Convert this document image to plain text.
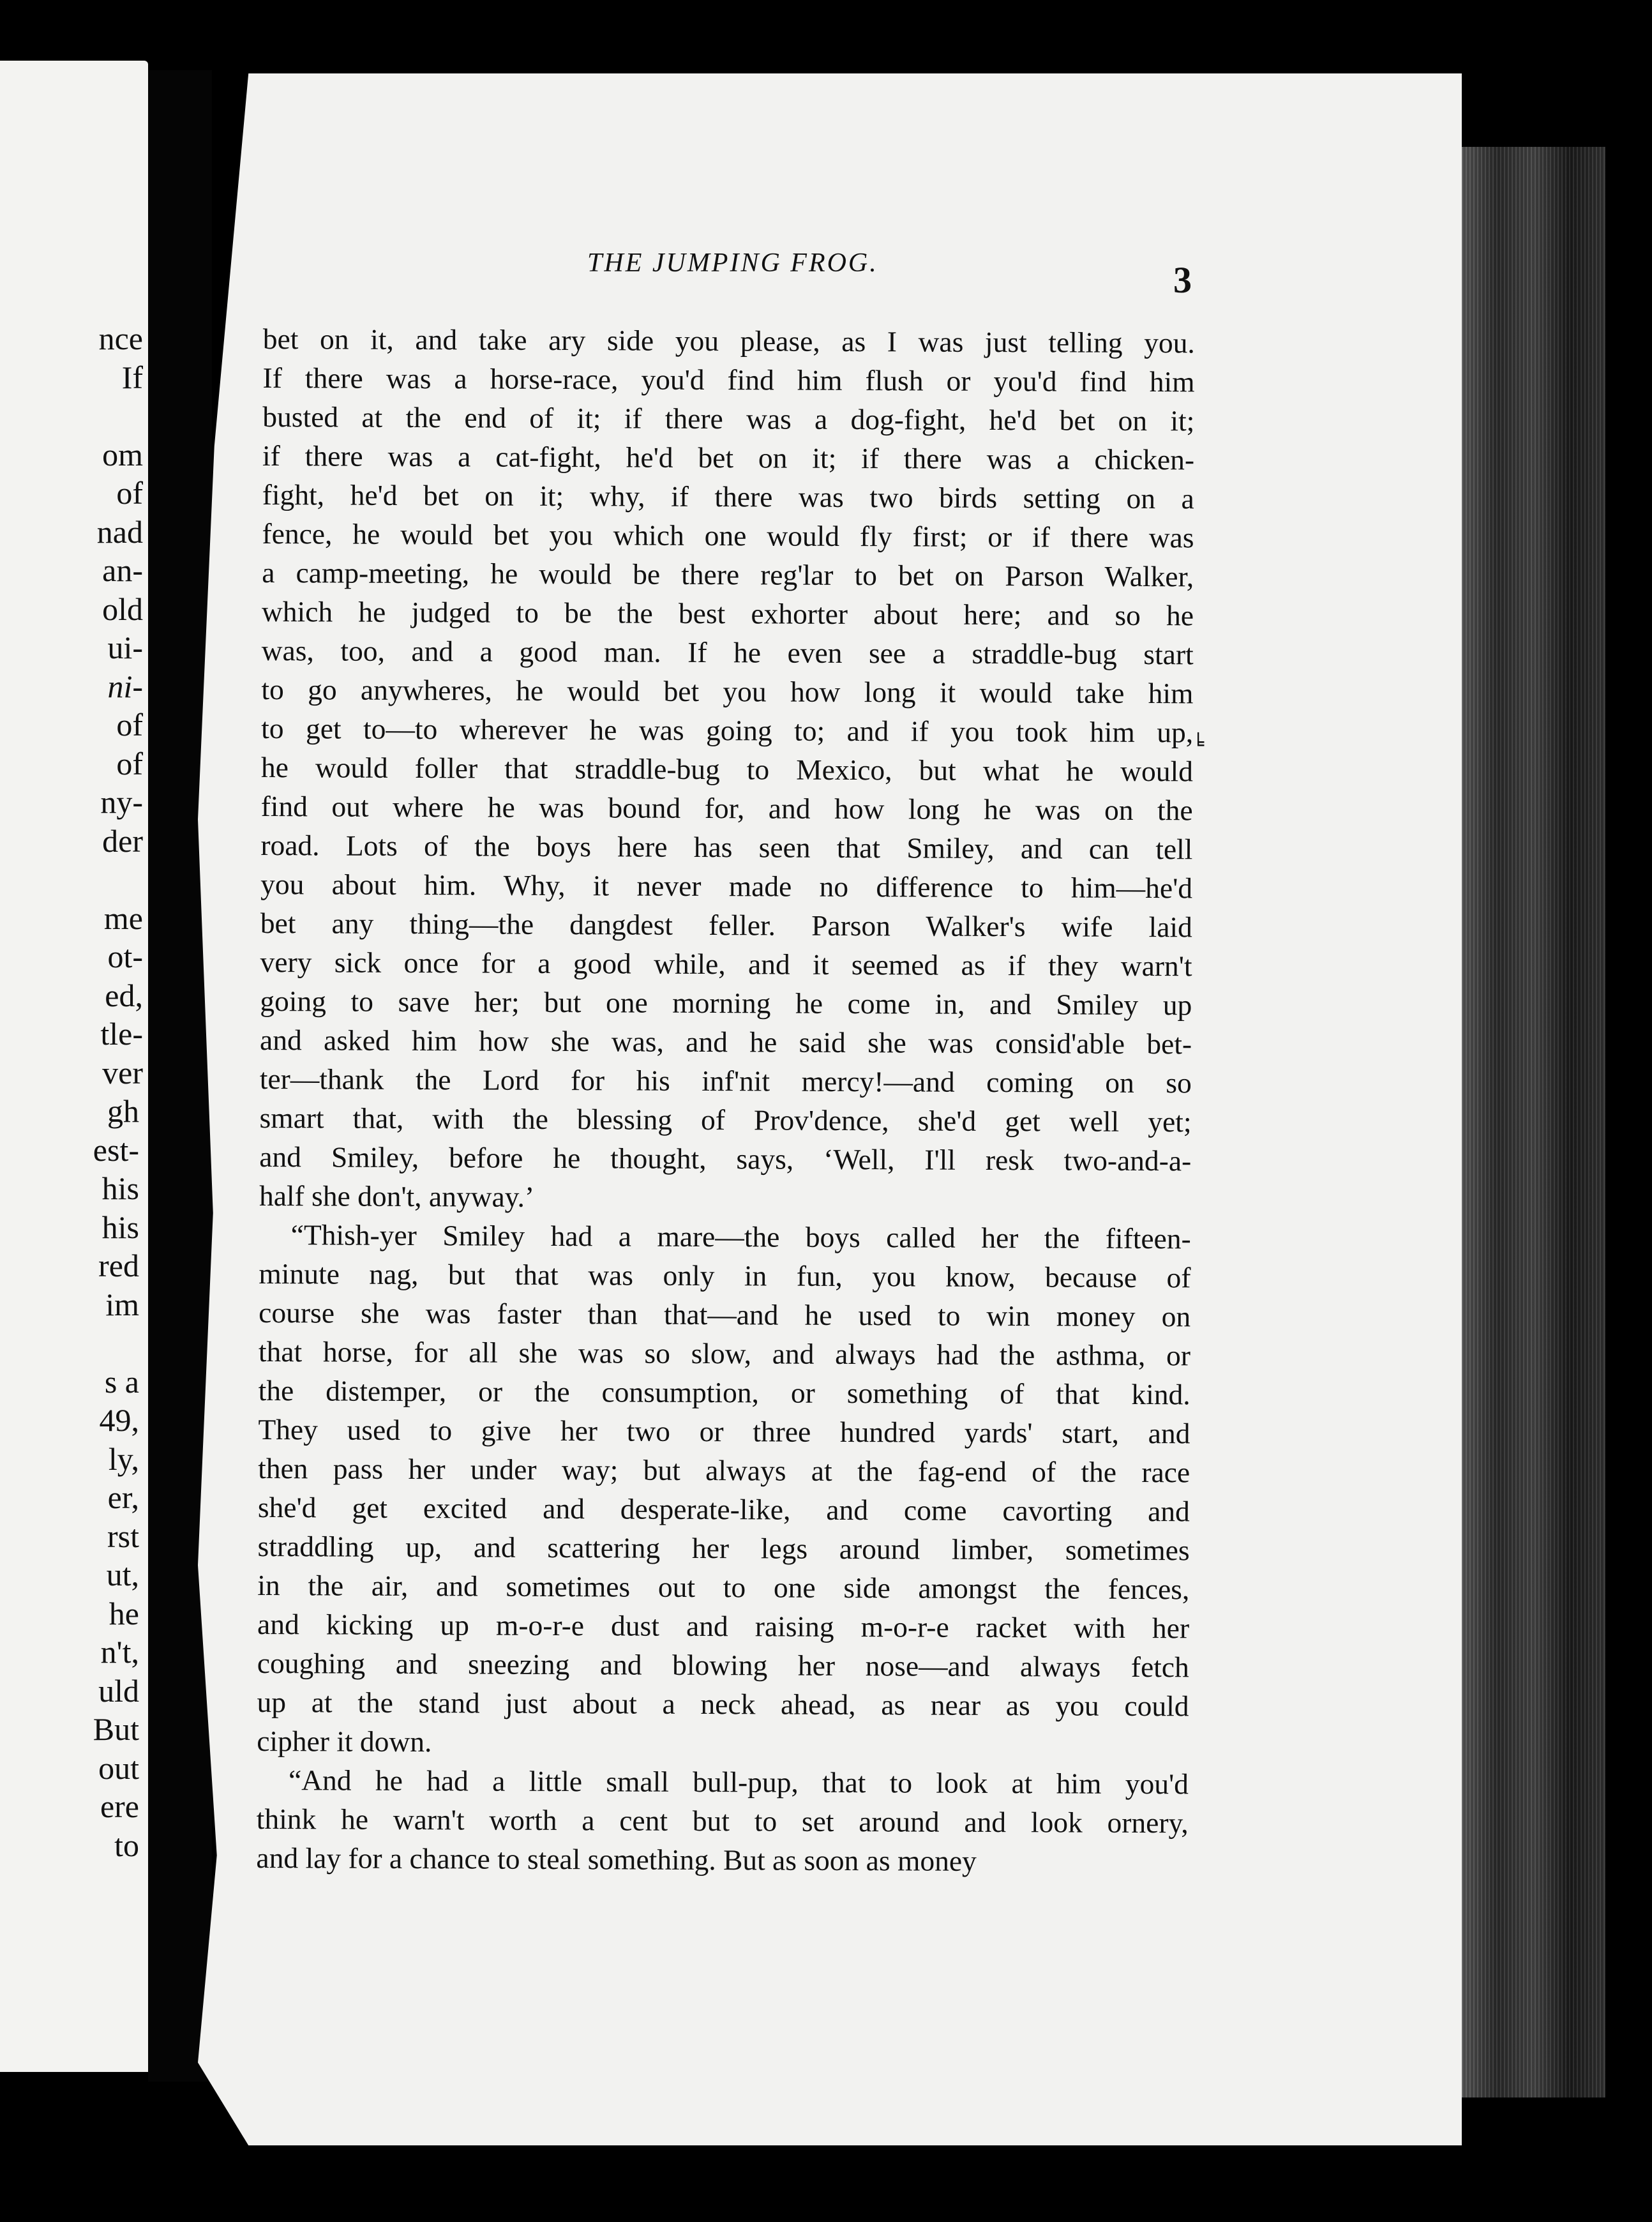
nce
If
om
of
nad
an-
old
ui-
ni-
of
of
ny-
der
me
ot-
ed,
tle-
ver
gh
est-
his
his
red
im
s a
49,
ly,
er,
rst
ut,
he
n't,
uld
But
out
ere
to
THE JUMPING FROG.	3
bet on it, and take ary side you please, as I was just telling you.
If there was a horse-race, you'd find him flush or you'd find him
busted at the end of it; if there was a dog-fight, he'd bet on it;
if there was a cat-fight, he'd bet on it; if there was a chicken-
fight, he'd bet on it; why, if there was two birds setting on a
fence, he would bet you which one would fly first; or if there was
a camp-meeting, he would be there reg'lar to bet on Parson Walker,
which he judged to be the best exhorter about here; and so he
was, too, and a good man. If he even see a straddle-bug start
to go anywheres, he would bet you how long it would take him
to get to—to wherever he was going to; and if you took him up,
he would foller that straddle-bug to Mexico, but what he would
find out where he was bound for, and how long he was on the
road. Lots of the boys here has seen that Smiley, and can tell
you about him. Why, it never made no difference to him—he'd
bet any thing—the dangdest feller. Parson Walker's wife laid
very sick once for a good while, and it seemed as if they warn't
going to save her; but one morning he come in, and Smiley up
and asked him how she was, and he said she was consid'able bet-
ter—thank the Lord for his inf'nit mercy!—and coming on so
smart that, with the blessing of Prov'dence, she'd get well yet;
and Smiley, before he thought, says, ‘Well, I'll resk two-and-a-
half she don't, anyway.’
“Thish-yer Smiley had a mare—the boys called her the fifteen-
minute nag, but that was only in fun, you know, because of
course she was faster than that—and he used to win money on
that horse, for all she was so slow, and always had the asthma, or
the distemper, or the consumption, or something of that kind.
They used to give her two or three hundred yards' start, and
then pass her under way; but always at the fag-end of the race
she'd get excited and desperate-like, and come cavorting and
straddling up, and scattering her legs around limber, sometimes
in the air, and sometimes out to one side amongst the fences,
and kicking up m-o-r-e dust and raising m-o-r-e racket with her
coughing and sneezing and blowing her nose—and always fetch
up at the stand just about a neck ahead, as near as you could
cipher it down.
“And he had a little small bull-pup, that to look at him you'd
think he warn't worth a cent but to set around and look ornery,
and lay for a chance to steal something. But as soon as money
╘
